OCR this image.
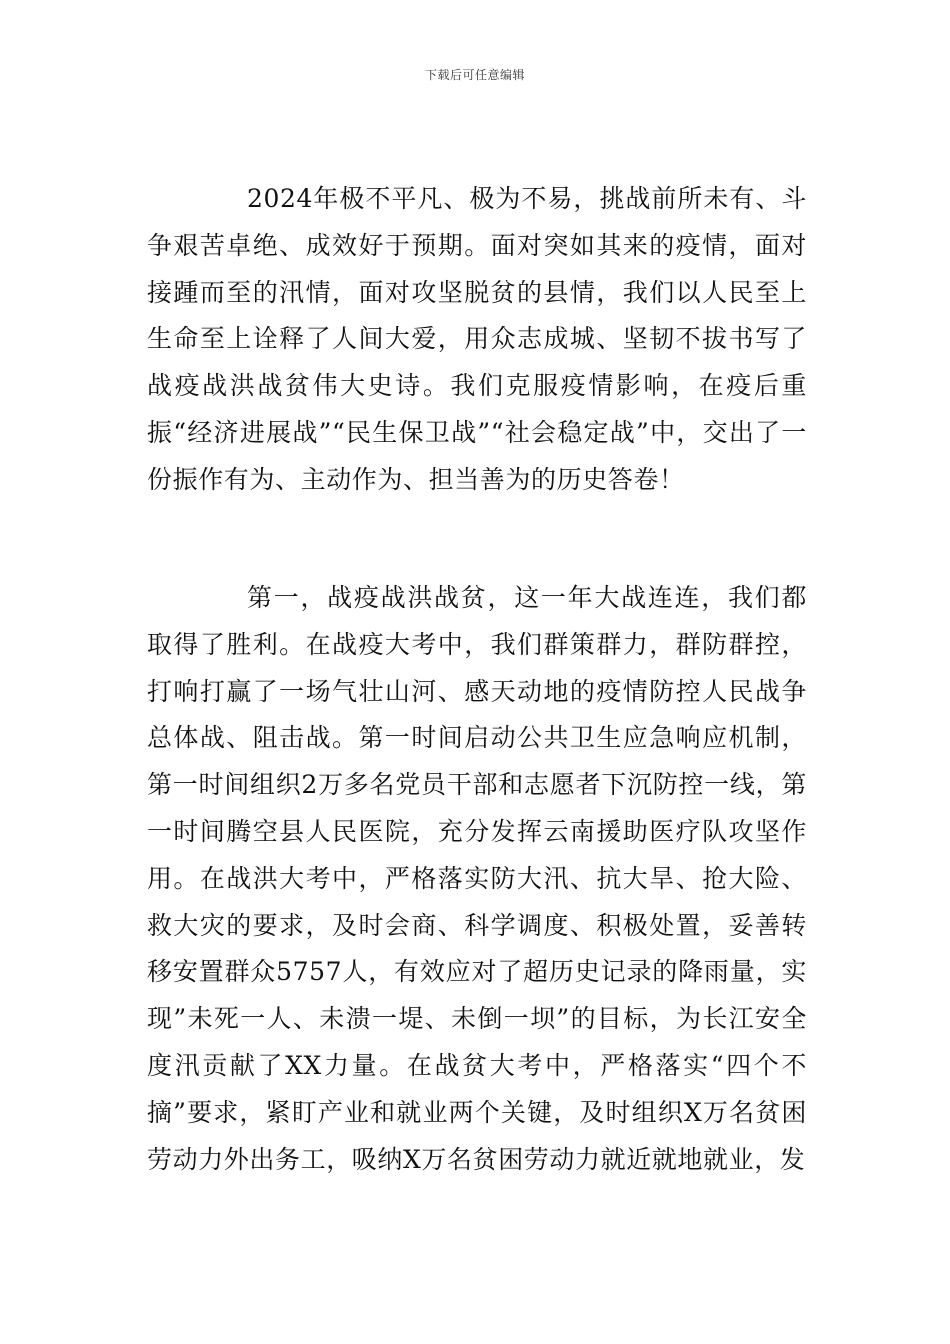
下载后可任意编辑

2024年极不平凡、极为不易，挑战前所未有、斗争艰苦卓绝、成效好于预期。面对突如其来的疫情，面对接踵而至的汛情，面对攻坚脱贫的县情，我们以人民至上生命至上诠释了人间大爱，用众志成城、坚韧不拔书写了战疫战洪战贫伟大史诗。我们克服疫情影响，在疫后重振“经济进展战”“民生保卫战”“社会稳定战”中，交出了一份振作有为、主动作为、担当善为的历史答卷！

第一，战疫战洪战贫，这一年大战连连，我们都取得了胜利。在战疫大考中，我们群策群力，群防群控，打响打赢了一场气壮山河、感天动地的疫情防控人民战争总体战、阻击战。第一时间启动公共卫生应急响应机制，第一时间组织2万多名党员干部和志愿者下沉防控一线，第一时间腾空县人民医院，充分发挥云南援助医疗队攻坚作用。在战洪大考中，严格落实防大汛、抗大旱、抢大险、救大灾的要求，及时会商、科学调度、积极处置，妥善转移安置群众5757人，有效应对了超历史记录的降雨量，实现”未死一人、未溃一堤、未倒一坝”的目标，为长江安全度汛贡献了XX力量。在战贫大考中，严格落实“四个不摘”要求，紧盯产业和就业两个关键，及时组织X万名贫困劳动力外出务工，吸纳X万名贫困劳动力就近就地就业，发
